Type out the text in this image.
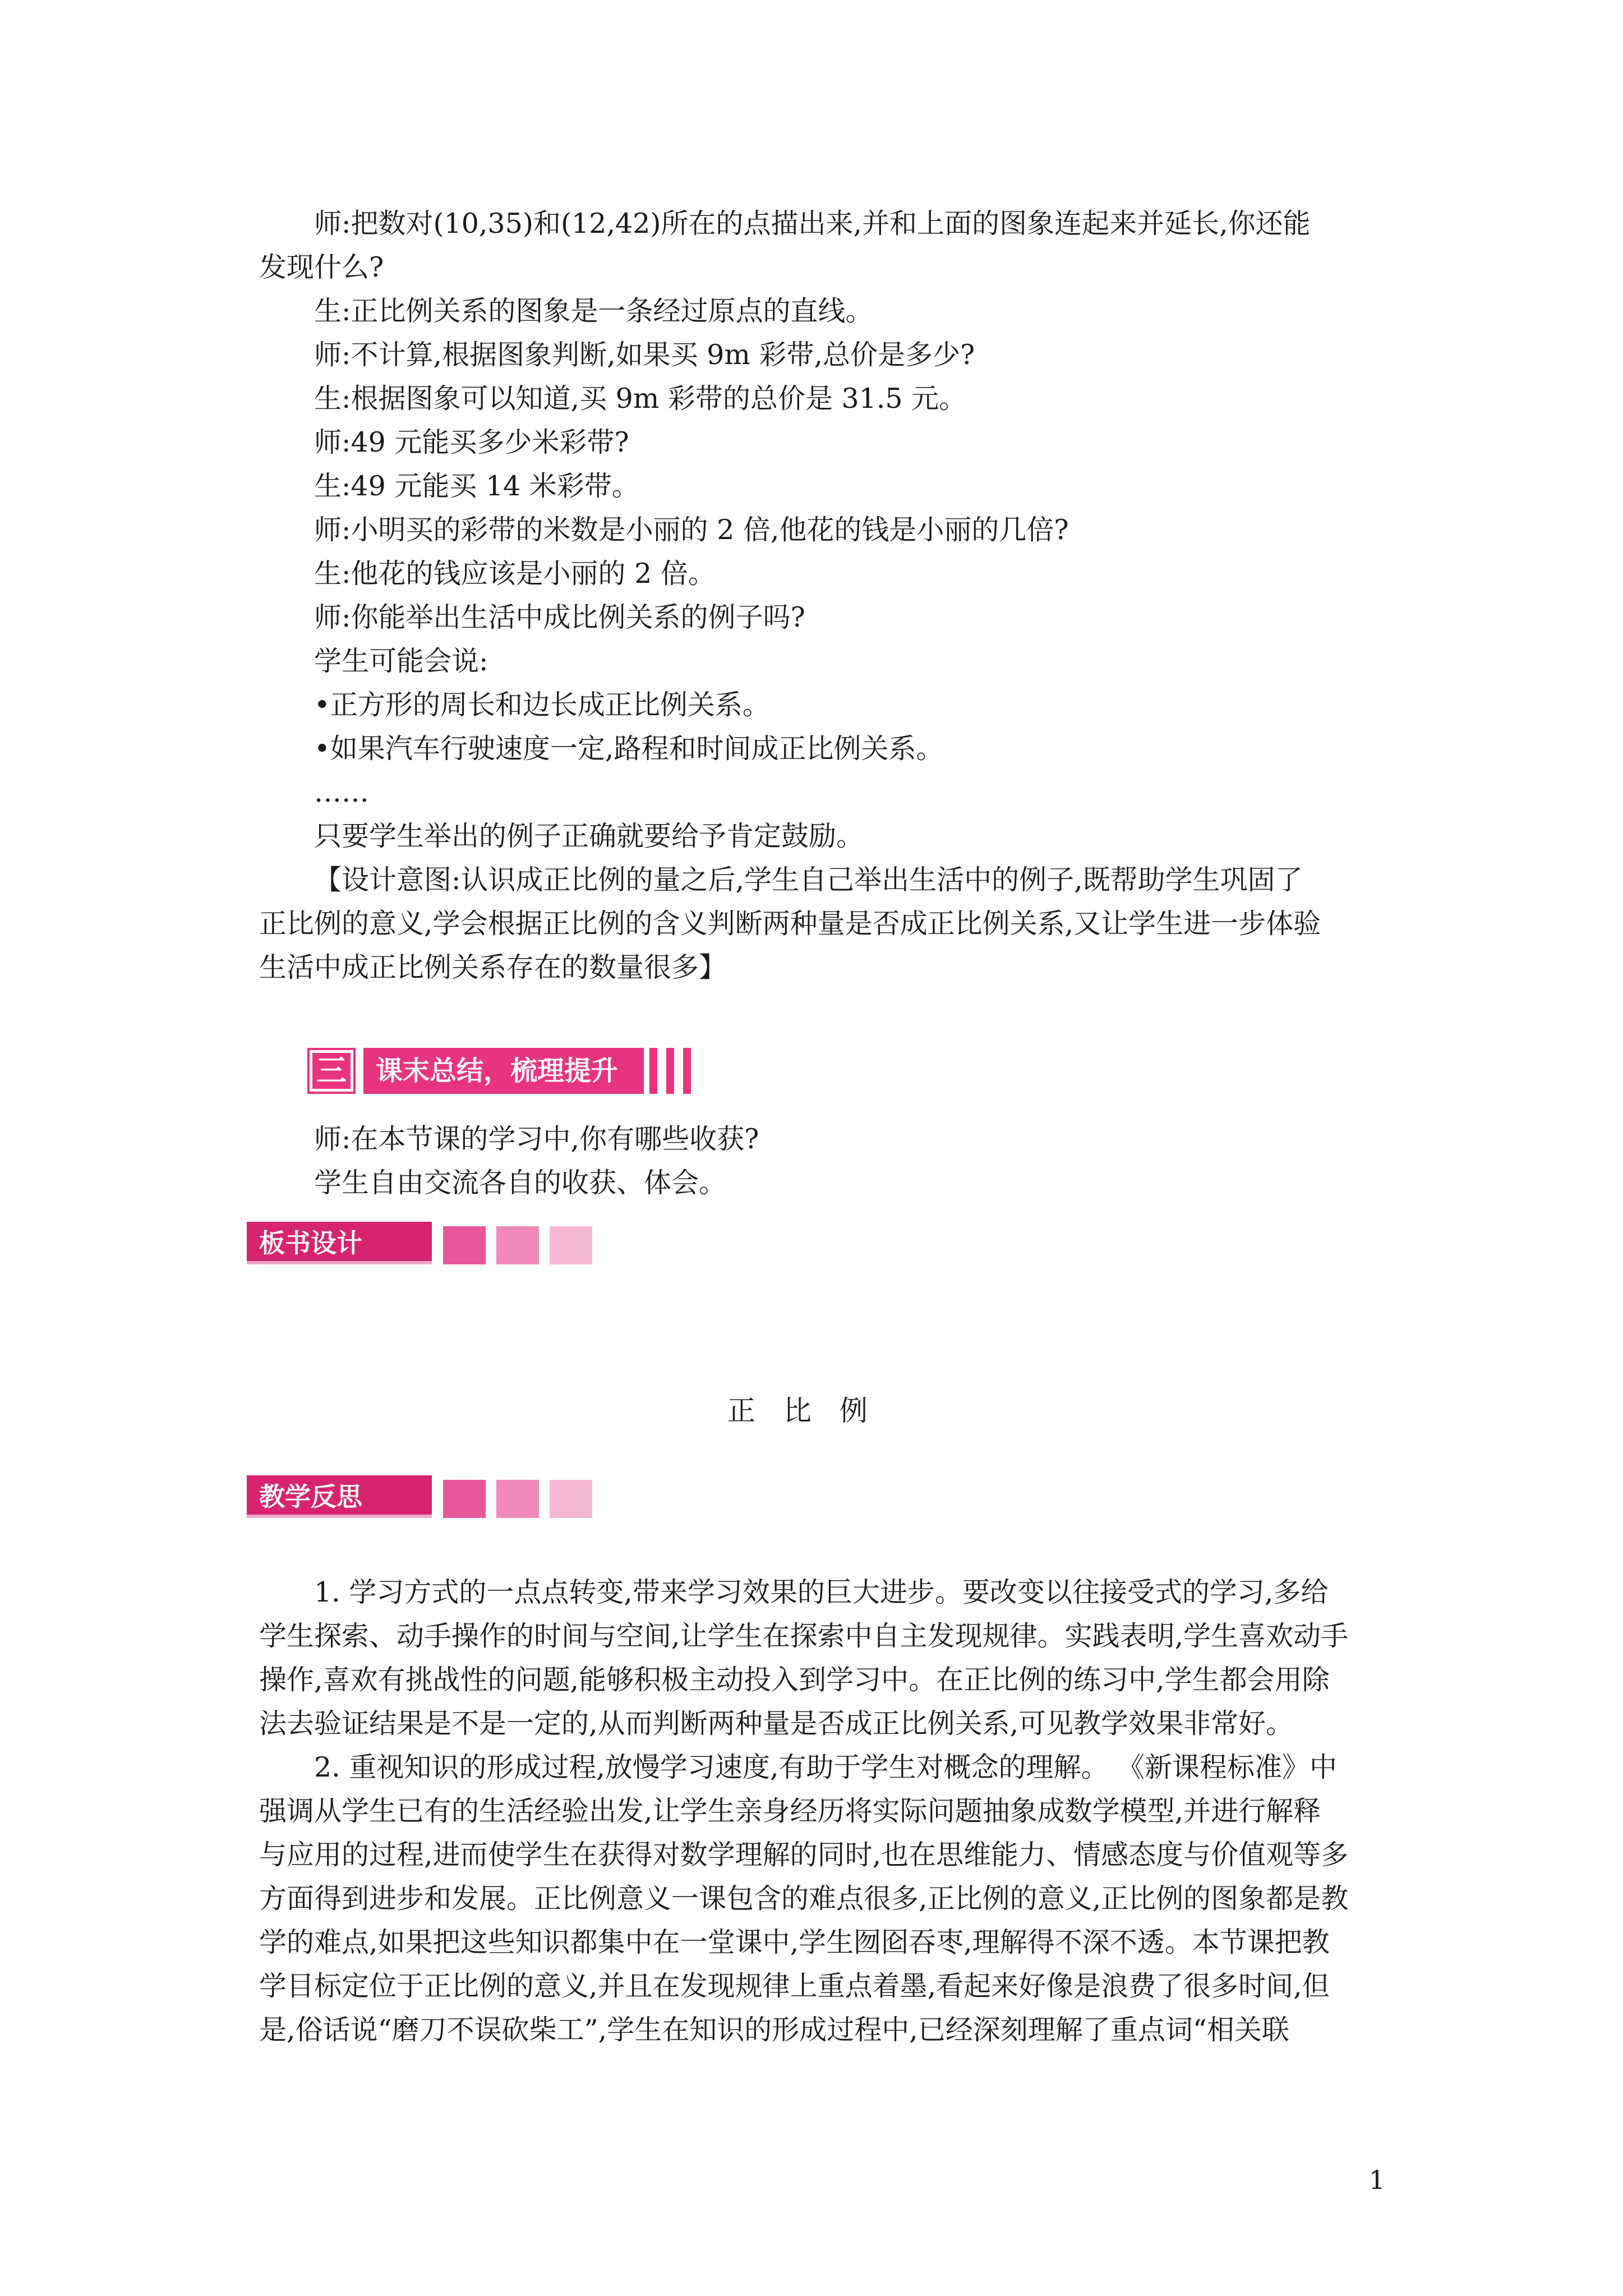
师:把数对(10,35)和(12,42)所在的点描出来,并和上面的图象连起来并延长,你还能

发现什么?

生:正比例关系的图象是一条经过原点的直线。

师:不计算,根据图象判断,如果买 9m 彩带,总价是多少?

生:根据图象可以知道,买 9m 彩带的总价是 31.5 元。

师:49 元能买多少米彩带?

生:49 元能买 14 米彩带。

师:小明买的彩带的米数是小丽的 2 倍,他花的钱是小丽的几倍?

生:他花的钱应该是小丽的 2 倍。

师:你能举出生活中成比例关系的例子吗?

学生可能会说:

•正方形的周长和边长成正比例关系。

•如果汽车行驶速度一定,路程和时间成正比例关系。

……

只要学生举出的例子正确就要给予肯定鼓励。

【设计意图:认识成正比例的量之后,学生自己举出生活中的例子,既帮助学生巩固了

正比例的意义,学会根据正比例的含义判断两种量是否成正比例关系,又让学生进一步体验

生活中成正比例关系存在的数量很多】

三	课末总结，梳理提升

师:在本节课的学习中,你有哪些收获?

学生自由交流各自的收获、体会。

板书设计
正比例
教学反思

1. 学习方式的一点点转变,带来学习效果的巨大进步。要改变以往接受式的学习,多给

学生探索、动手操作的时间与空间,让学生在探索中自主发现规律。实践表明,学生喜欢动手

操作,喜欢有挑战性的问题,能够积极主动投入到学习中。在正比例的练习中,学生都会用除

法去验证结果是不是一定的,从而判断两种量是否成正比例关系,可见教学效果非常好。

2. 重视知识的形成过程,放慢学习速度,有助于学生对概念的理解。 《新课程标准》中

强调从学生已有的生活经验出发,让学生亲身经历将实际问题抽象成数学模型,并进行解释

与应用的过程,进而使学生在获得对数学理解的同时,也在思维能力、情感态度与价值观等多

方面得到进步和发展。正比例意义一课包含的难点很多,正比例的意义,正比例的图象都是教

学的难点,如果把这些知识都集中在一堂课中,学生囫囵吞枣,理解得不深不透。本节课把教

学目标定位于正比例的意义,并且在发现规律上重点着墨,看起来好像是浪费了很多时间,但

是,俗话说“磨刀不误砍柴工”,学生在知识的形成过程中,已经深刻理解了重点词“相关联

1
